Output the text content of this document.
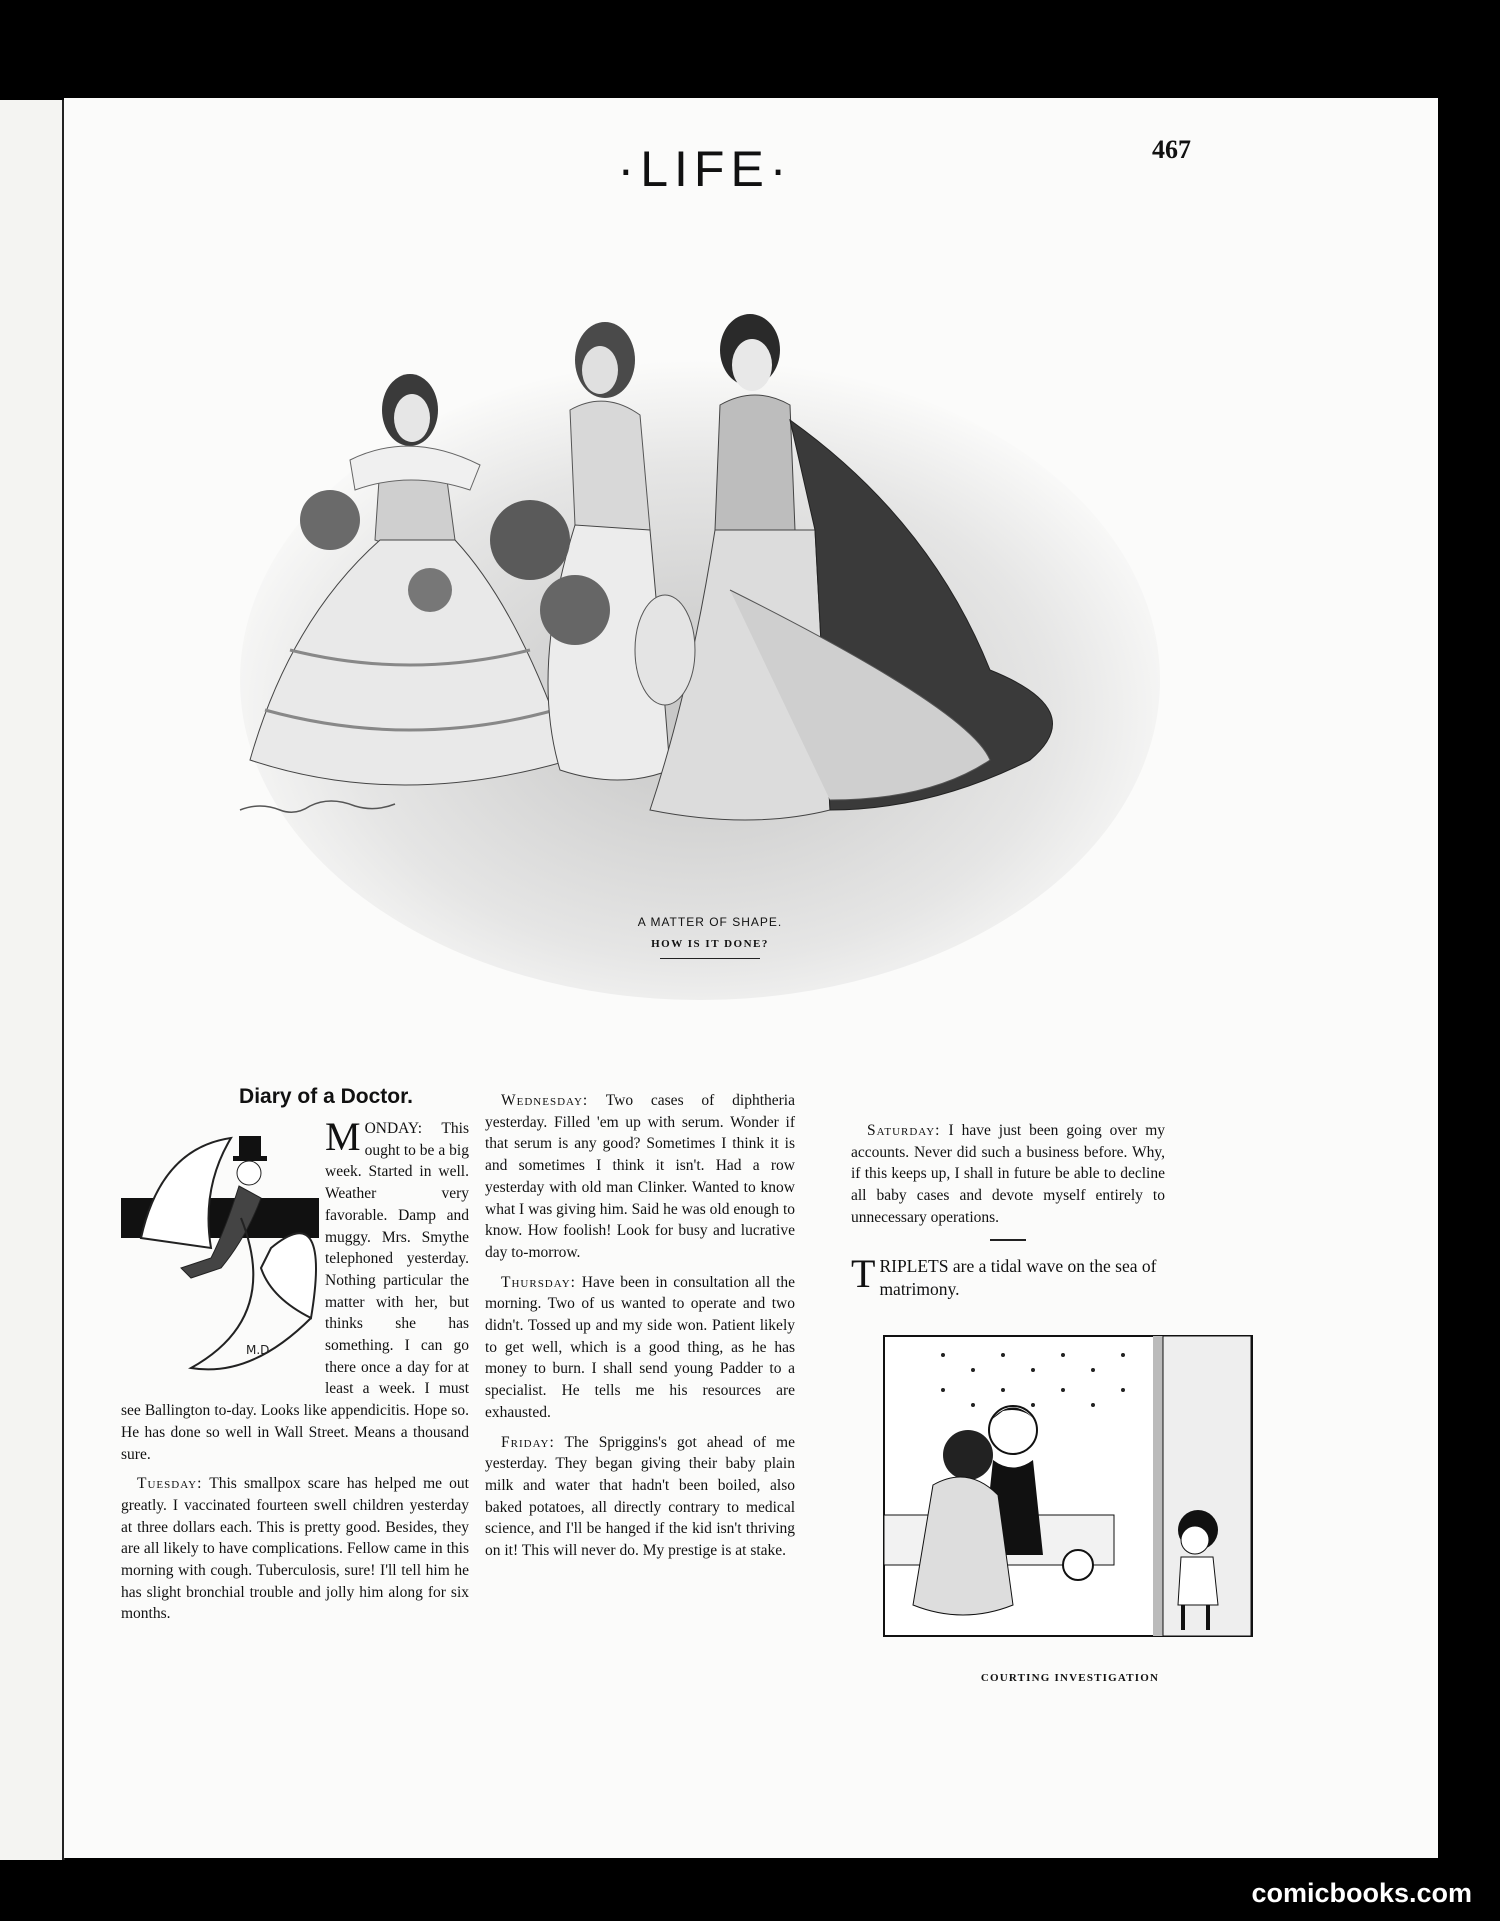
·LIFE·	467
A MATTER OF SHAPE.
HOW IS IT DONE?
Diary of a Doctor.
M.D

MONDAY: This ought to be a big week. Started in well. Weather very favorable. Damp and muggy. Mrs. Smythe telephoned yesterday. Nothing particular the matter with her, but thinks she has something. I can go there once a day for at least a week. I must see Ballington to-day. Looks like appendicitis. Hope so. He has done so well in Wall Street. Means a thousand sure.

Tuesday: This smallpox scare has helped me out greatly. I vaccinated fourteen swell children yesterday at three dollars each. This is pretty good. Besides, they are all likely to have complications. Fellow came in this morning with cough. Tuberculosis, sure! I'll tell him he has slight bronchial trouble and jolly him along for six months.

Wednesday: Two cases of diphtheria yesterday. Filled 'em up with serum. Wonder if that serum is any good? Sometimes I think it is and sometimes I think it isn't. Had a row yesterday with old man Clinker. Wanted to know what I was giving him. Said he was old enough to know. How foolish! Look for busy and lucrative day to-morrow.

Thursday: Have been in consultation all the morning. Two of us wanted to operate and two didn't. Tossed up and my side won. Patient likely to get well, which is a good thing, as he has money to burn. I shall send young Padder to a specialist. He tells me his resources are exhausted.

Friday: The Spriggins's got ahead of me yesterday. They began giving their baby plain milk and water that hadn't been boiled, also baked potatoes, all directly contrary to medical science, and I'll be hanged if the kid isn't thriving on it! This will never do. My prestige is at stake.

Saturday: I have just been going over my accounts. Never did such a business before. Why, if this keeps up, I shall in future be able to decline all baby cases and devote myself entirely to unnecessary operations.

TRIPLETS are a tidal wave on the sea of matrimony.

COURTING INVESTIGATION
comicbooks.com
